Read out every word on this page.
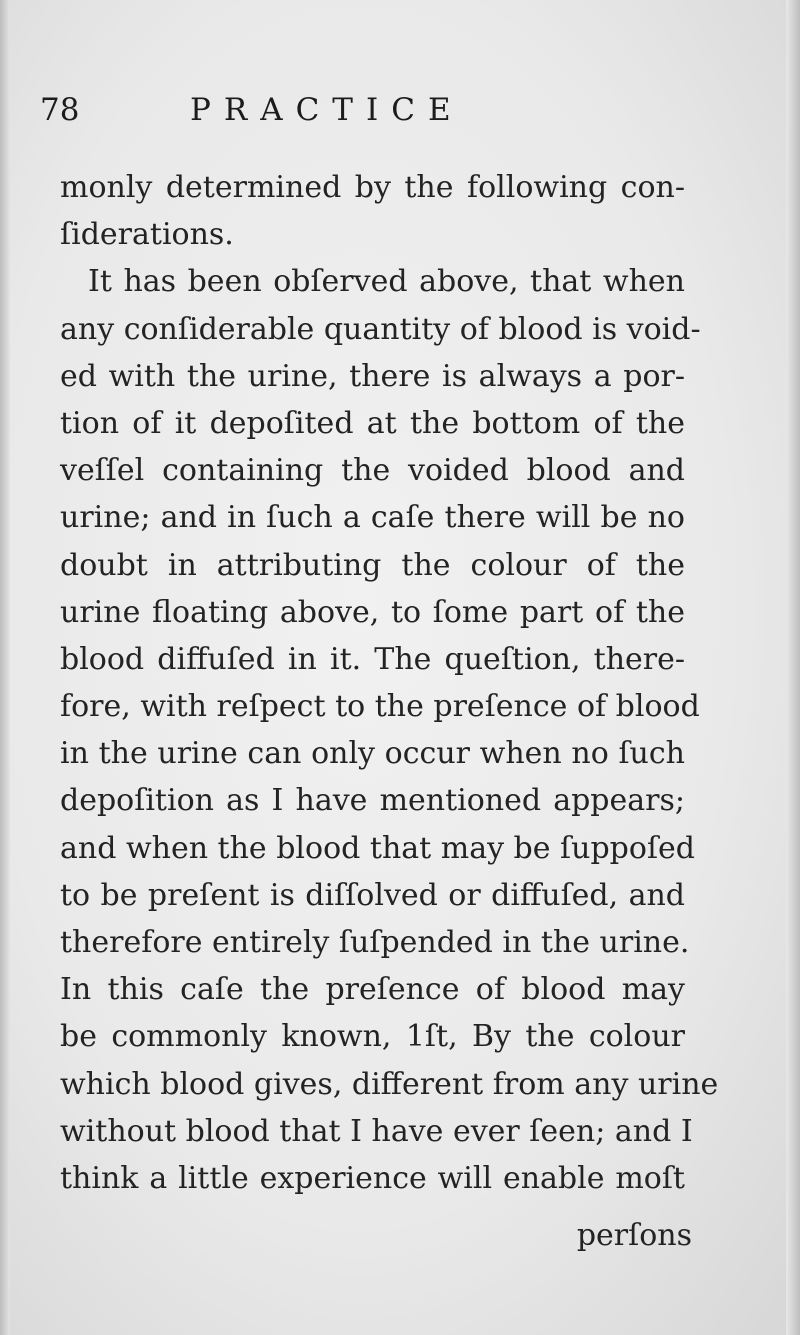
78	PRACTICE
monly determined by the following con-
ſiderations.
It has been obſerved above, that when
any conſiderable quantity of blood is void-
ed with the urine, there is always a por-
tion of it depoſited at the bottom of the
veſſel containing the voided blood and
urine; and in ſuch a caſe there will be no
doubt in attributing the colour of the
urine floating above, to ſome part of the
blood diffuſed in it. The queſtion, there-
fore, with reſpect to the preſence of blood
in the urine can only occur when no ſuch
depoſition as I have mentioned appears;
and when the blood that may be ſuppoſed
to be preſent is diſſolved or diffuſed, and
therefore entirely ſuſpended in the urine.
In this caſe the preſence of blood may
be commonly known, 1ſt, By the colour
which blood gives, different from any urine
without blood that I have ever ſeen; and I
think a little experience will enable moſt
perſons
